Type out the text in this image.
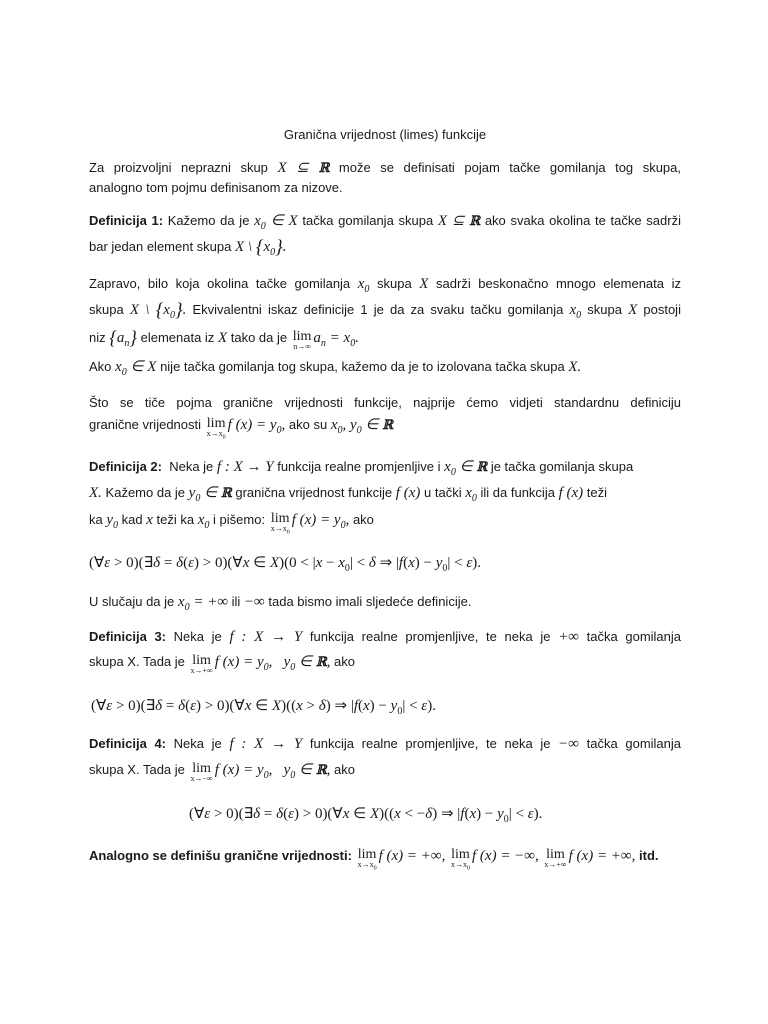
Granična vrijednost (limes) funkcije
Za proizvoljni neprazni skup X ⊆ ℝ može se definisati pojam tačke gomilanja tog skupa,
analogno tom pojmu definisanom za nizove.
Definicija 1: Kažemo da je $x_0$ ∈ X tačka gomilanja skupa X ⊆ ℝ ako svaka okolina te tačke sadrži
bar jedan element skupa X \ $\{x_0\}$.
Zapravo, bilo koja okolina tačke gomilanja $x_0$ skupa X sadrži beskonačno mnogo elemenata iz
skupa X \ $\{x_0\}$. Ekvivalentni iskaz definicije 1 je da za svaku tačku gomilanja $x_0$ skupa X postoji
niz $\{a_n\}$ elemenata iz X tako da je lim
n→∞
$a_n = x_0$.
Ako $x_0$ ∈ X nije tačka gomilanja tog skupa, kažemo da je to izolovana tačka skupa X.
Što se tiče pojma granične vrijednosti funkcije, najprije ćemo vidjeti standardnu definiciju
granične vrijednosti lim
$x\to x_0$
f $(x) = y_0$, ako su $x_0$, $y_0$ ∈ ℝ
Definicija 2: Neka je f : X → Y funkcija realne promjenljive i $x_0$ ∈ ℝ je tačka gomilanja skupa
X. Kažemo da je $y_0$ ∈ ℝ granična vrijednost funkcije f (x) u tački $x_0$ ili da funkcija f (x) teži
ka $y_0$ kad x teži ka $x_0$ i pišemo: lim
$x\to x_0$
f $(x) = y_0$, ako
(∀ε > 0)(∃δ = δ(ε) > 0)(∀x ∈ $X)(0 < |x - x_0| < \delta$ ⇒ $|f(x) - y_0| < \varepsilon$).
U slučaju da je $x_0$ = +∞ ili −∞ tada bismo imali sljedeće definicije.
Definicija 3: Neka je f : X → Y funkcija realne promjenljive, te neka je +∞ tačka gomilanja
skupa X. Tada je lim
x→+∞
f $(x) = y_0$,   $y_0$ ∈ ℝ, ako
(∀ε > 0)(∃δ = δ(ε) > 0)(∀x ∈ X)((x > δ) ⇒ $|f(x) - y_0| < \varepsilon$).
Definicija 4: Neka je f : X → Y funkcija realne promjenljive, te neka je −∞ tačka gomilanja
skupa X. Tada je lim
x→−∞
f $(x) = y_0$,   $y_0$ ∈ ℝ, ako
(∀ε > 0)(∃δ = δ(ε) > 0)(∀x ∈ X)((x < −δ) ⇒ $|f(x) - y_0| < \varepsilon$).
Analogno se definišu granične vrijednosti: lim
$x\to x_0$
f (x) = +∞, lim
$x\to x_0$
f (x) = −∞, lim
x→+∞
f (x) = +∞, itd.
